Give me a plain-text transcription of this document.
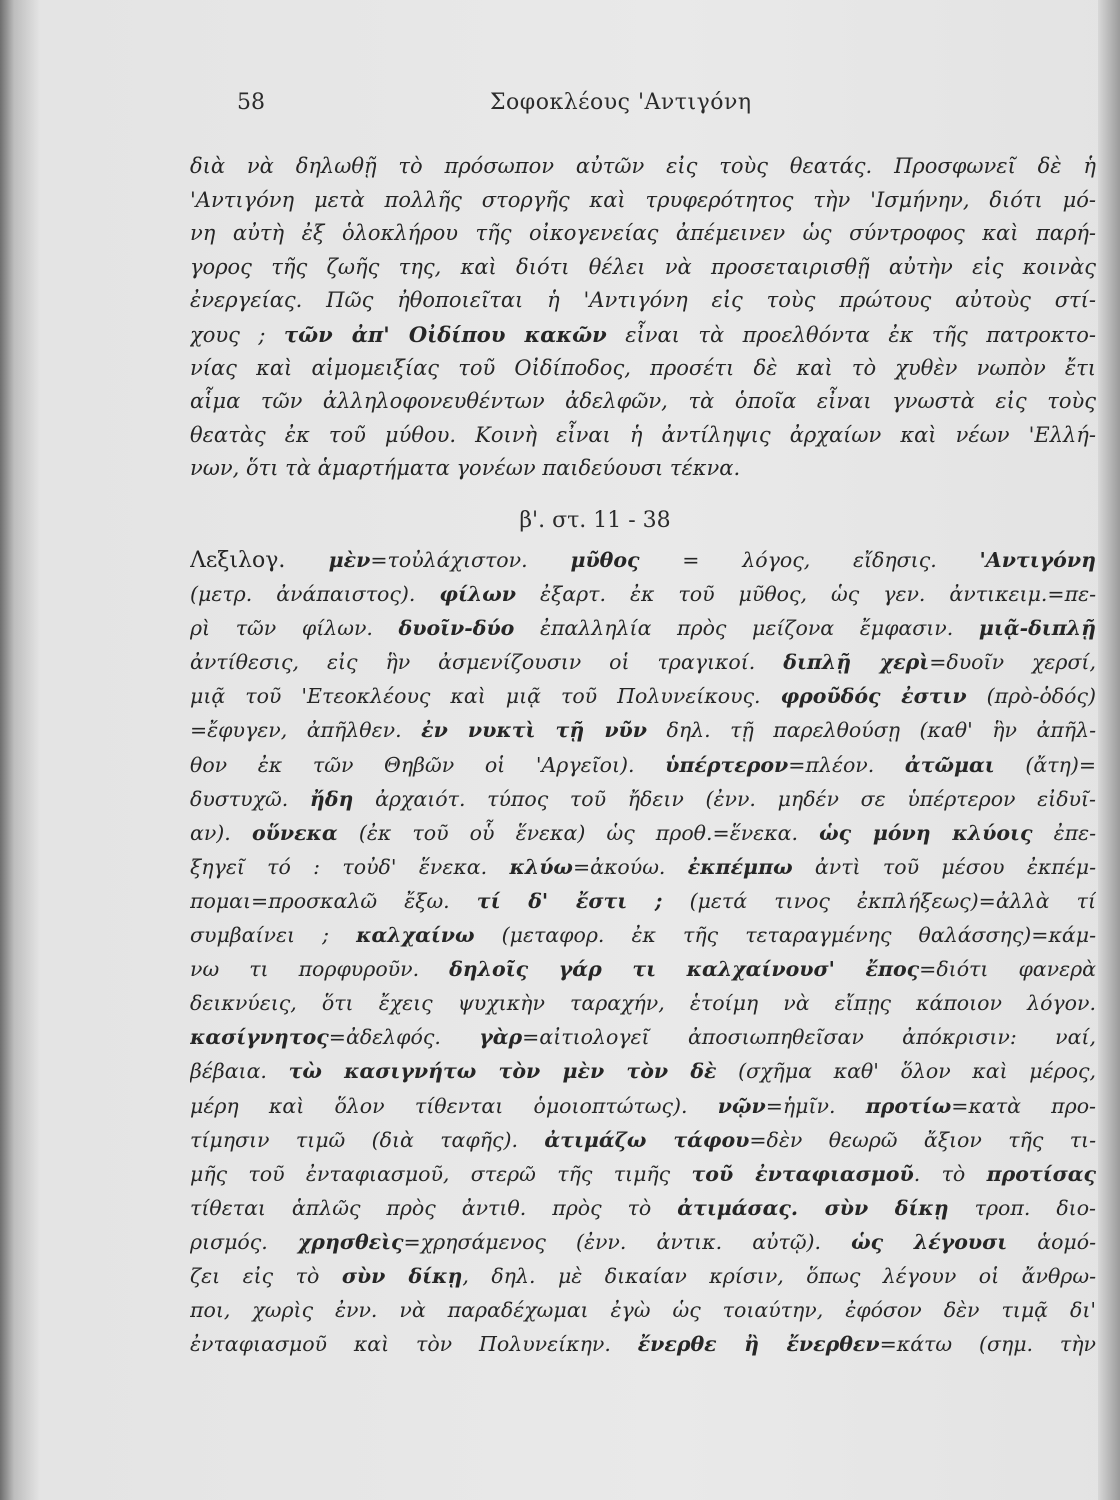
58	Σοφοκλέους 'Αντιγόνη
διὰ νὰ δηλωθῇ τὸ πρόσωπον αὐτῶν εἰς τοὺς θεατάς. Προσφωνεῖ δὲ ἡ
'Αντιγόνη μετὰ πολλῆς στοργῆς καὶ τρυφερότητος τὴν 'Ισμήνην, διότι μό-
νη αὐτὴ ἐξ ὁλοκλήρου τῆς οἰκογενείας ἀπέμεινεν ὡς σύντροφος καὶ παρή-
γορος τῆς ζωῆς της, καὶ διότι θέλει νὰ προσεταιρισθῇ αὐτὴν εἰς κοινὰς
ἐνεργείας. Πῶς ἠθοποιεῖται ἡ 'Αντιγόνη εἰς τοὺς πρώτους αὐτοὺς στί-
χους ; τῶν ἀπ' Οἰδίπου κακῶν εἶναι τὰ προελθόντα ἐκ τῆς πατροκτο-
νίας καὶ αἱμομειξίας τοῦ Οἰδίποδος, προσέτι δὲ καὶ τὸ χυθὲν νωπὸν ἔτι
αἷμα τῶν ἀλληλοφονευθέντων ἀδελφῶν, τὰ ὁποῖα εἶναι γνωστὰ εἰς τοὺς
θεατὰς ἐκ τοῦ μύθου. Κοινὴ εἶναι ἡ ἀντίληψις ἀρχαίων καὶ νέων 'Ελλή-
νων, ὅτι τὰ ἁμαρτήματα γονέων παιδεύουσι τέκνα.
β'. στ. 11 - 38
Λεξιλογ. μὲν=τοὐλάχιστον. μῦθος = λόγος, εἴδησις. 'Αντιγόνη
(μετρ. ἀνάπαιστος). φίλων ἐξαρτ. ἐκ τοῦ μῦθος, ὡς γεν. ἀντικειμ.=πε-
ρὶ τῶν φίλων. δυοῖν-δύο ἐπαλληλία πρὸς μείζονα ἔμφασιν. μιᾷ-διπλῇ
ἀντίθεσις, εἰς ἣν ἀσμενίζουσιν οἱ τραγικοί. διπλῇ χερὶ=δυοῖν χερσί,
μιᾷ τοῦ 'Ετεοκλέους καὶ μιᾷ τοῦ Πολυνείκους. φροῦδός ἐστιν (πρὸ-ὁδός)
=ἔφυγεν, ἀπῆλθεν. ἐν νυκτὶ τῇ νῦν δηλ. τῇ παρελθούσῃ (καθ' ἣν ἀπῆλ-
θον ἐκ τῶν Θηβῶν οἱ 'Αργεῖοι). ὑπέρτερον=πλέον. ἀτῶμαι (ἄτη)=
δυστυχῶ. ἤδη ἀρχαιότ. τύπος τοῦ ἤδειν (ἐνν. μηδέν σε ὑπέρτερον εἰδυῖ-
αν). οὕνεκα (ἐκ τοῦ οὗ ἕνεκα) ὡς προθ.=ἕνεκα. ὡς μόνη κλύοις ἐπε-
ξηγεῖ τό : τοὐδ' ἕνεκα. κλύω=ἀκούω. ἐκπέμπω ἀντὶ τοῦ μέσου ἐκπέμ-
πομαι=προσκαλῶ ἔξω. τί δ' ἔστι ; (μετά τινος ἐκπλήξεως)=ἀλλὰ τί
συμβαίνει ; καλχαίνω (μεταφορ. ἐκ τῆς τεταραγμένης θαλάσσης)=κάμ-
νω τι πορφυροῦν. δηλοῖς γάρ τι καλχαίνουσ' ἔπος=διότι φανερὰ
δεικνύεις, ὅτι ἔχεις ψυχικὴν ταραχήν, ἑτοίμη νὰ εἴπῃς κάποιον λόγον.
κασίγνητος=ἀδελφός. γὰρ=αἰτιολογεῖ ἀποσιωπηθεῖσαν ἀπόκρισιν: ναί,
βέβαια. τὼ κασιγνήτω τὸν μὲν τὸν δὲ (σχῆμα καθ' ὅλον καὶ μέρος,
μέρη καὶ ὅλον τίθενται ὁμοιοπτώτως). νῷν=ἡμῖν. προτίω=κατὰ προ-
τίμησιν τιμῶ (διὰ ταφῆς). ἀτιμάζω τάφου=δὲν θεωρῶ ἄξιον τῆς τι-
μῆς τοῦ ἐνταφιασμοῦ, στερῶ τῆς τιμῆς τοῦ ἐνταφιασμοῦ. τὸ προτίσας
τίθεται ἁπλῶς πρὸς ἀντιθ. πρὸς τὸ ἀτιμάσας. σὺν δίκῃ τροπ. διο-
ρισμός. χρησθεὶς=χρησάμενος (ἐνν. ἀντικ. αὐτῷ). ὡς λέγουσι ἁομό-
ζει εἰς τὸ σὺν δίκῃ, δηλ. μὲ δικαίαν κρίσιν, ὅπως λέγουν οἱ ἄνθρω-
ποι, χωρὶς ἐνν. νὰ παραδέχωμαι ἐγὼ ὡς τοιαύτην, ἐφόσον δὲν τιμᾷ δι'
ἐνταφιασμοῦ καὶ τὸν Πολυνείκην. ἔνερθε ἢ ἔνερθεν=κάτω (σημ. τὴν
